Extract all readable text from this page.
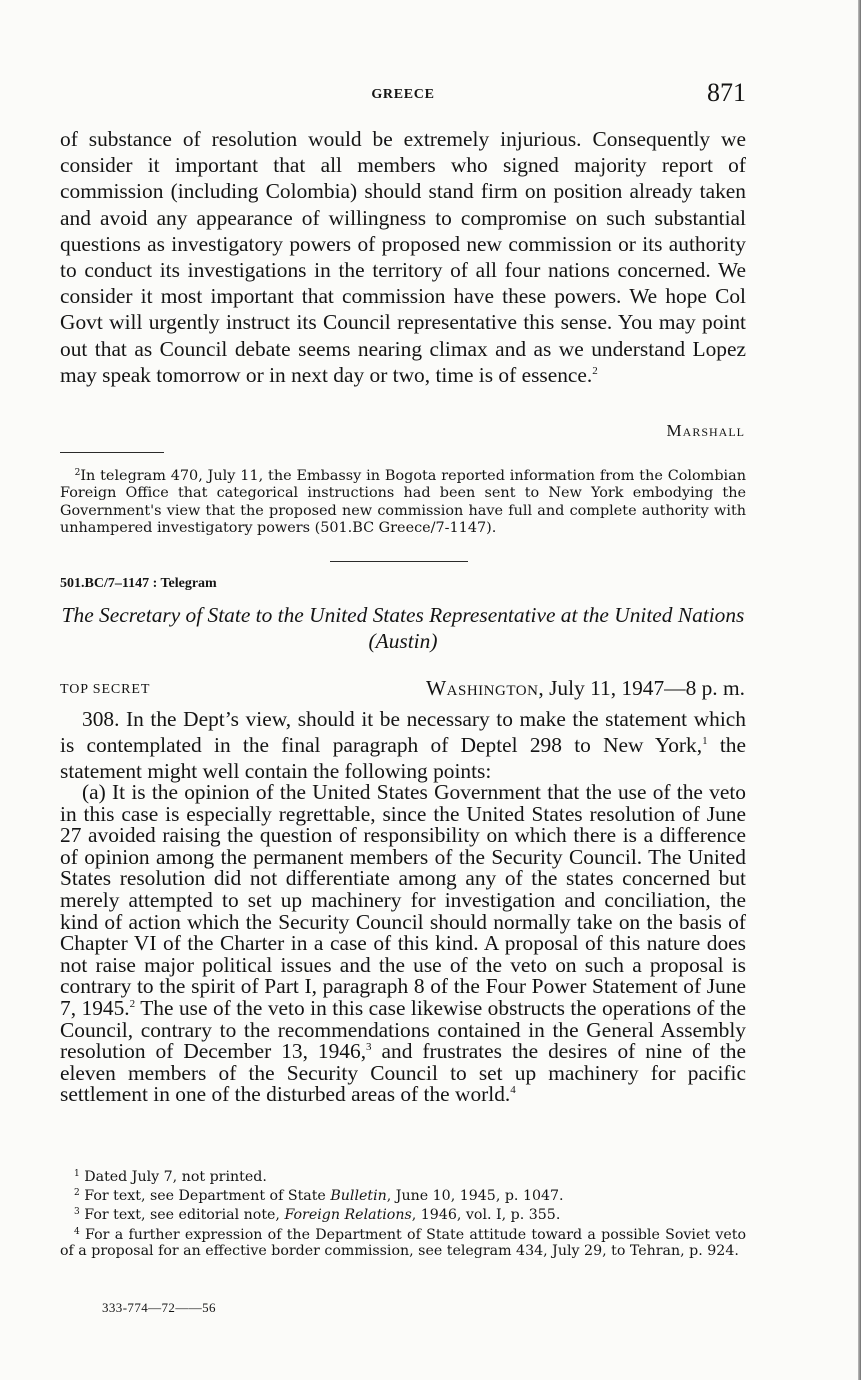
GREECE	871

of substance of resolution would be extremely injurious. Consequently we consider it important that all members who signed majority report of commission (including Colombia) should stand firm on position already taken and avoid any appearance of willingness to compromise on such substantial questions as investigatory powers of proposed new commission or its authority to conduct its investigations in the territory of all four nations concerned. We consider it most important that commission have these powers. We hope Col Govt will urgently instruct its Council representative this sense. You may point out that as Council debate seems nearing climax and as we understand Lopez may speak tomorrow or in next day or two, time is of essence.$^2$

Marshall

$^2$In telegram 470, July 11, the Embassy in Bogota reported information from the Colombian Foreign Office that categorical instructions had been sent to New York embodying the Government's view that the proposed new commission have full and complete authority with unhampered investigatory powers (501.BC Greece/7-1147).

501.BC/7–1147 : Telegram

The Secretary of State to the United States Representative at the United Nations (Austin)

TOP SECRET	Washington, July 11, 1947—8 p. m.

308. In the Dept’s view, should it be necessary to make the statement which is contemplated in the final paragraph of Deptel 298 to New York,$^1$ the statement might well contain the following points:

(a) It is the opinion of the United States Government that the use of the veto in this case is especially regrettable, since the United States resolution of June 27 avoided raising the question of responsibility on which there is a difference of opinion among the permanent members of the Security Council. The United States resolution did not differentiate among any of the states concerned but merely attempted to set up machinery for investigation and conciliation, the kind of action which the Security Council should normally take on the basis of Chapter VI of the Charter in a case of this kind. A proposal of this nature does not raise major political issues and the use of the veto on such a proposal is contrary to the spirit of Part I, paragraph 8 of the Four Power Statement of June 7, 1945.$^2$ The use of the veto in this case likewise obstructs the operations of the Council, contrary to the recommendations contained in the General Assembly resolution of December 13, 1946,$^3$ and frustrates the desires of nine of the eleven members of the Security Council to set up machinery for pacific settlement in one of the disturbed areas of the world.$^4$

$^1$ Dated July 7, not printed.
$^2$ For text, see Department of State Bulletin, June 10, 1945, p. 1047.
$^3$ For text, see editorial note, Foreign Relations, 1946, vol. I, p. 355.
$^4$ For a further expression of the Department of State attitude toward a possible Soviet veto of a proposal for an effective border commission, see telegram 434, July 29, to Tehran, p. 924.
333-774—72——56
